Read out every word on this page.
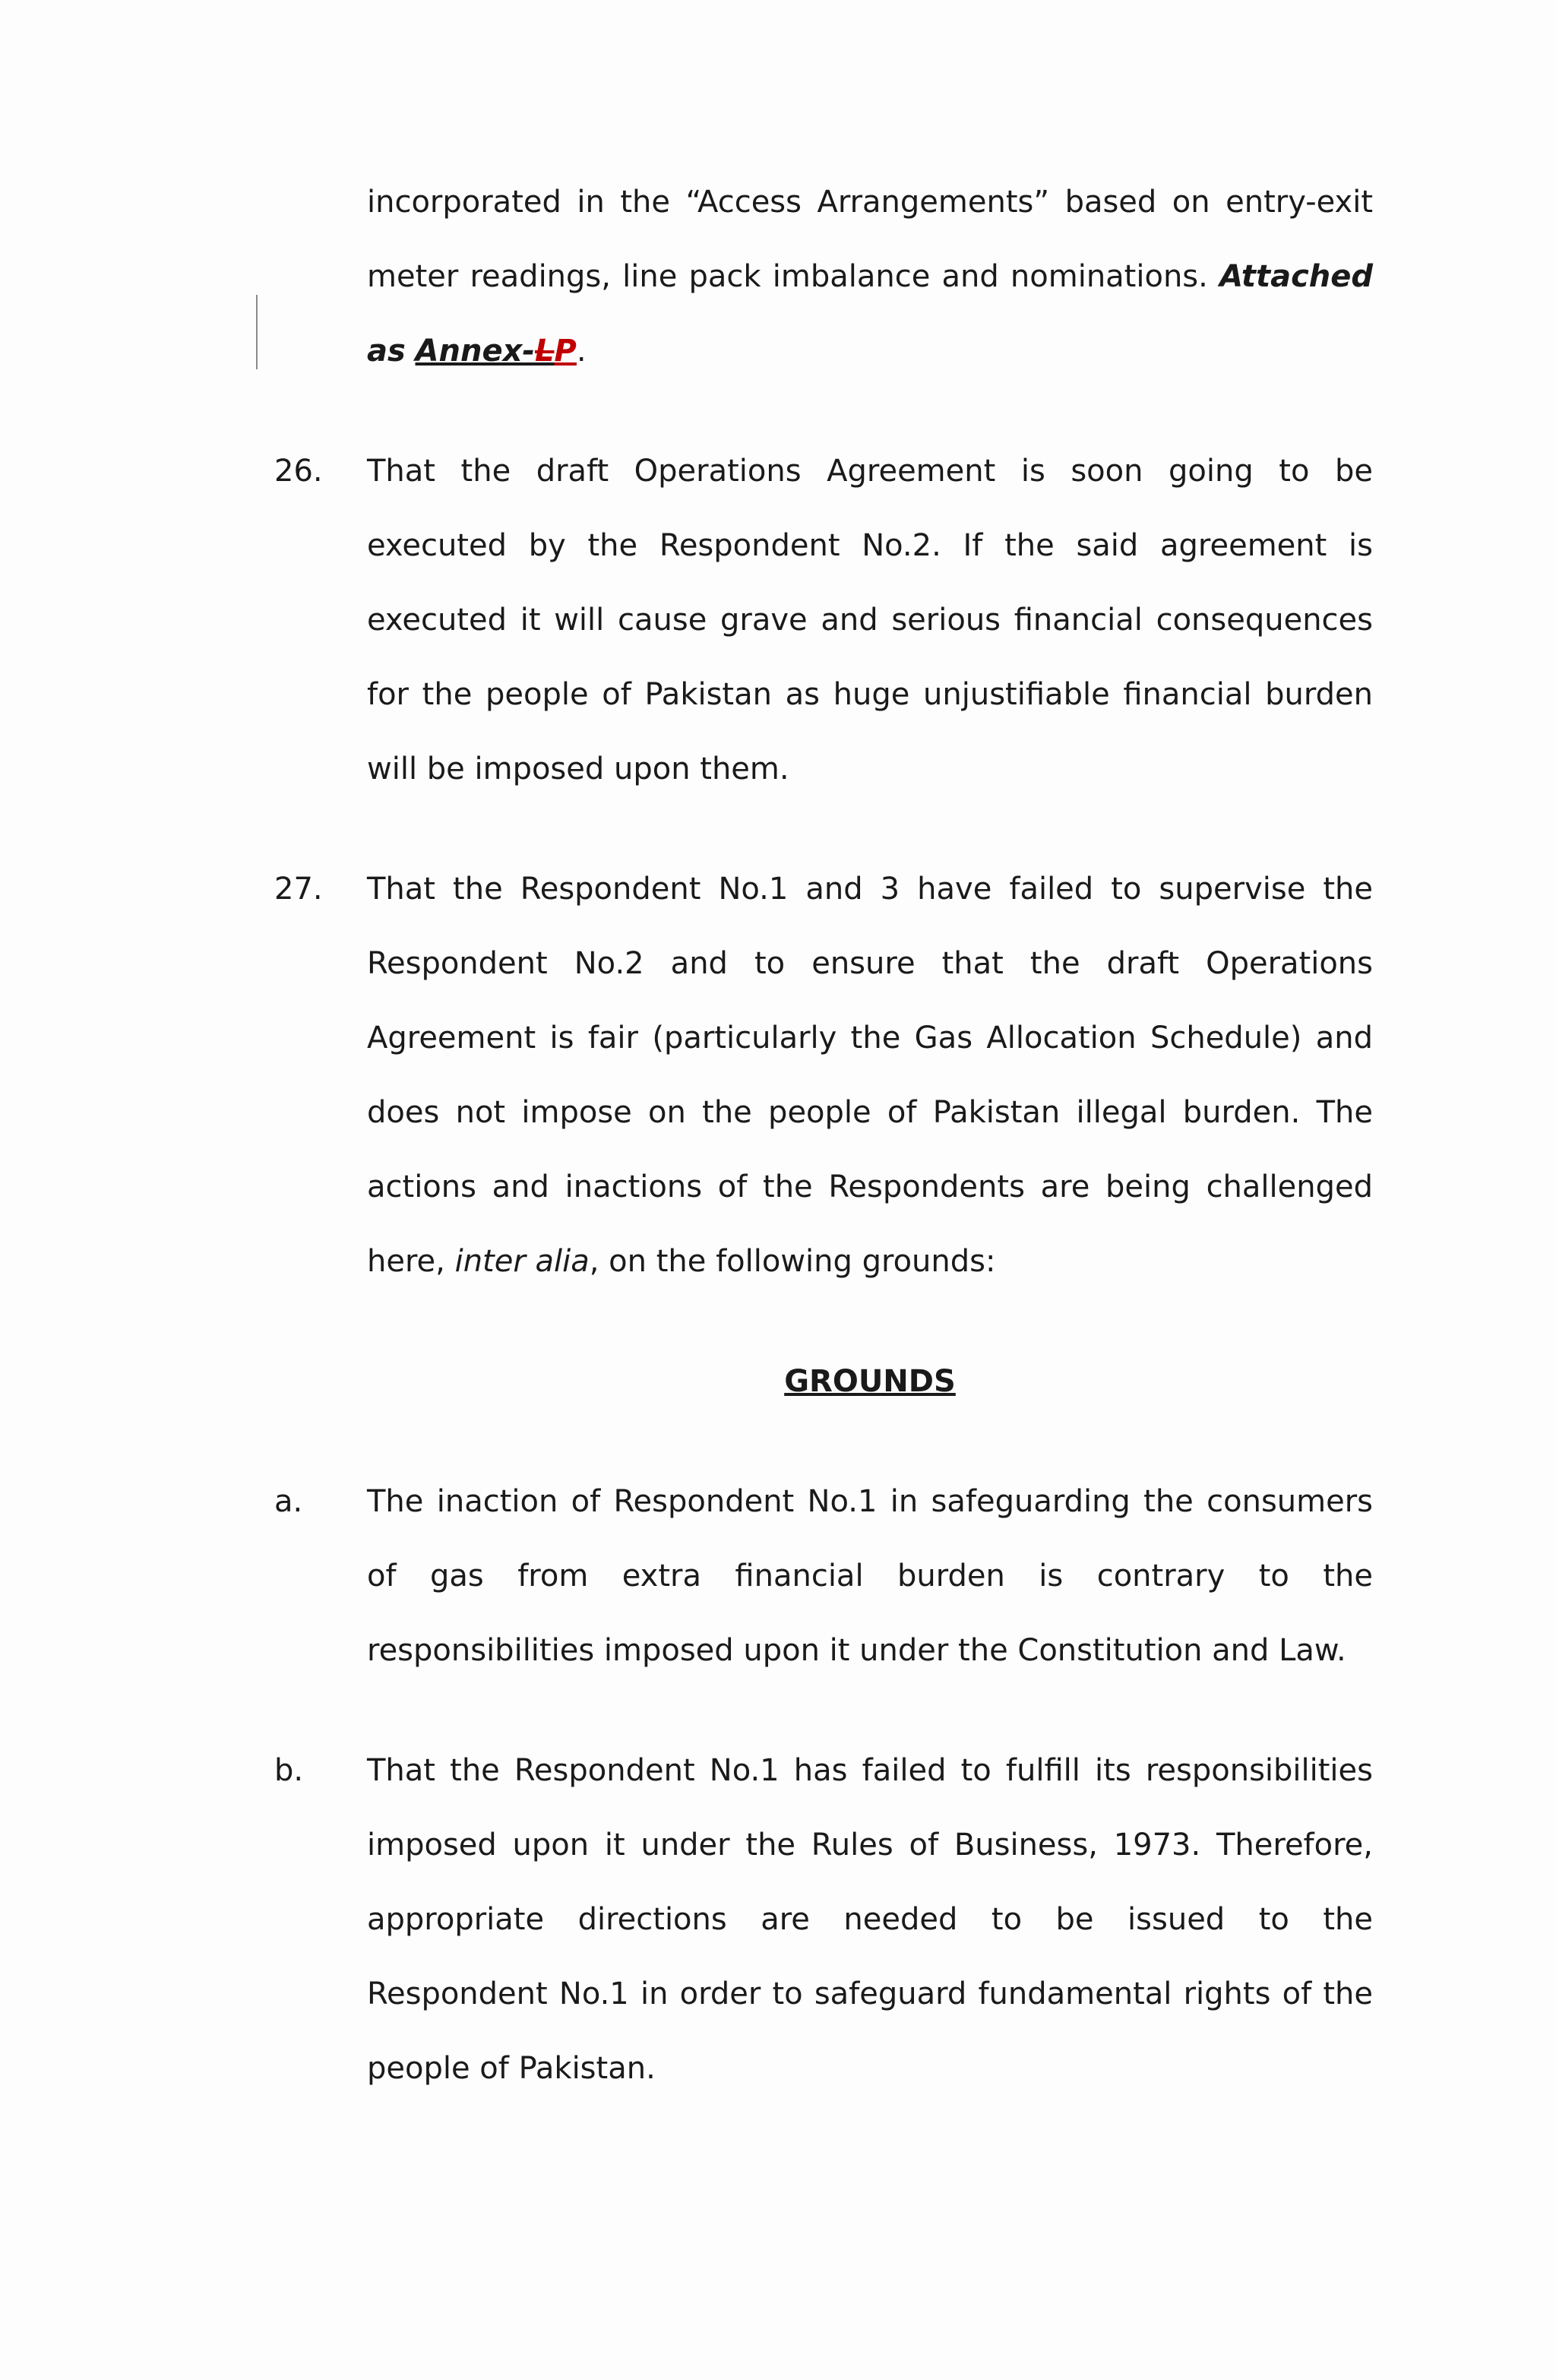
incorporated in the “Access Arrangements” based on entry-exit
meter readings, line pack imbalance and nominations. Attached
as Annex-LP.
26. That the draft Operations Agreement is soon going to be
executed by the Respondent No.2. If the said agreement is
executed it will cause grave and serious financial consequences
for the people of Pakistan as huge unjustifiable financial burden
will be imposed upon them.
27. That the Respondent No.1 and 3 have failed to supervise the
Respondent No.2 and to ensure that the draft Operations
Agreement is fair (particularly the Gas Allocation Schedule) and
does not impose on the people of Pakistan illegal burden. The
actions and inactions of the Respondents are being challenged
here, inter alia, on the following grounds:
GROUNDS
a. The inaction of Respondent No.1 in safeguarding the consumers
of gas from extra financial burden is contrary to the
responsibilities imposed upon it under the Constitution and Law.
b. That the Respondent No.1 has failed to fulfill its responsibilities
imposed upon it under the Rules of Business, 1973. Therefore,
appropriate directions are needed to be issued to the
Respondent No.1 in order to safeguard fundamental rights of the
people of Pakistan.
